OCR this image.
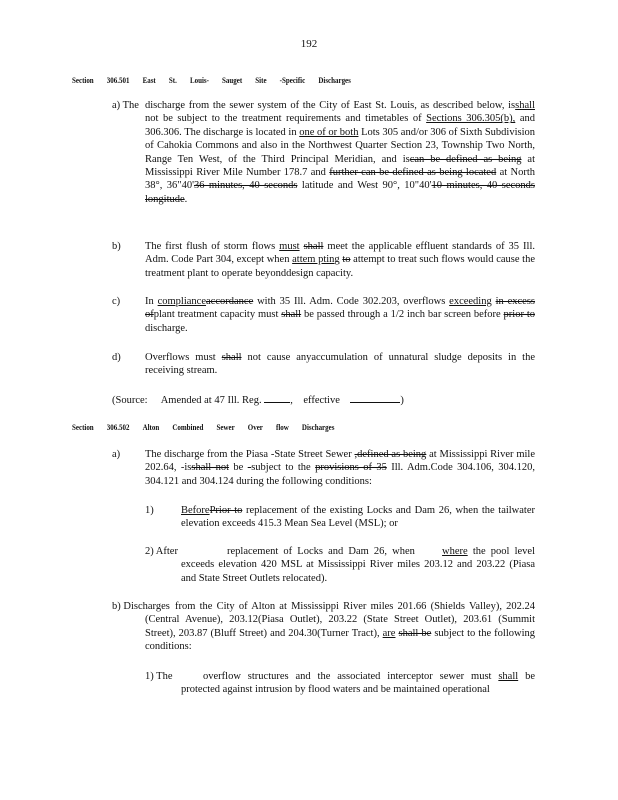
192
Section 306.501 East St. Louis- Sauget Site -Specific Discharges
a) The discharge from the sewer system of the City of East St. Louis, as described below, isshall not be subject to the treatment requirements and timetables of Sections 306.305(b), and 306.306. The discharge is located in one of or both Lots 305 and/or 306 of Sixth Subdivision of Cahokia Commons and also in the Northwest Quarter Section 23, Township Two North, Range Ten West, of the Third Principal Meridian, and iscan be defined as being at Mississippi River Mile Number 178.7 and further can be defined as being located at North 38°, 36"40'36 minutes, 40 seconds latitude and West 90°, 10"40'10 minutes, 40 seconds longitude.
b) The first flush of storm flows must shall meet the applicable effluent standards of 35 Ill. Adm. Code Part 304, except when attem pting to attempt to treat such flows would cause the treatment plant to operate beyonddesign capacity.
c) In complianceaccordance with 35 Ill. Adm. Code 302.203, overflows exceeding in excess ofplant treatment capacity must shall be passed through a 1/2 inch bar screen before prior to discharge.
d) Overflows must shall not cause anyaccumulation of unnatural sludge deposits in the receiving stream.
(Source: Amended at 47 Ill. Reg.	, effective	)
Section 306.502 Alton Combined Sewer Over flow Discharges
a) The discharge from the Piasa -State Street Sewer ,defined as being at Mississippi River mile 202.64, -isshall not be -subject to the provisions of 35 Ill. Adm.Code 304.106, 304.120, 304.121 and 304.124 during the following conditions:
1)	BeforePrior to replacement of the existing Locks and Dam 26, when the tailwater elevation exceeds 415.3 Mean Sea Level (MSL); or
2) After	replacement of Locks and Dam 26, when where the pool level exceeds elevation 420 MSL at Mississippi River miles 203.12 and 203.22 (Piasa and State Street Outlets relocated).
b) Discharges from the City of Alton at Mississippi River miles 201.66 (Shields Valley), 202.24 (Central Avenue), 203.12(Piasa Outlet), 203.22 (State Street Outlet), 203.61 (Summit Street), 203.87 (Bluff Street) and 204.30(Turner Tract), are shall be subject to the following conditions:
1) The	overflow structures and the associated interceptor sewer must shall be protected against intrusion by flood waters and be maintained operational
